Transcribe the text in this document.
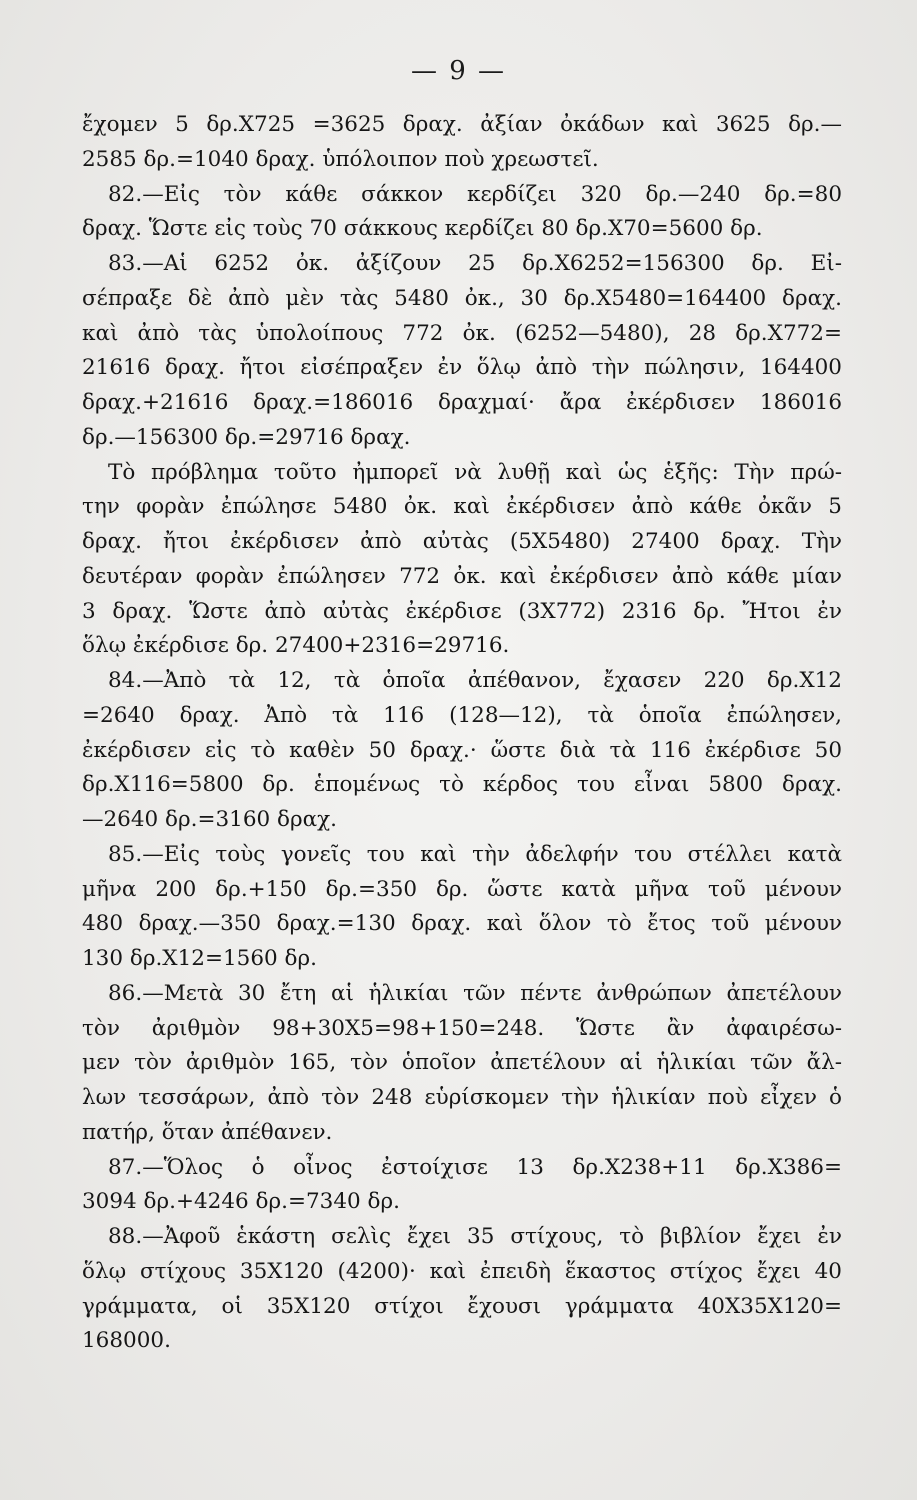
— 9 —
ἔχομεν 5 δρ.Χ725 =3625 δραχ. ἀξίαν ὀκάδων καὶ 3625 δρ.—
2585 δρ.=1040 δραχ. ὑπόλοιπον ποὺ χρεωστεῖ.
82.—Εἰς τὸν κάθε σάκκον κερδίζει 320 δρ.—240 δρ.=80
δραχ. Ὥστε εἰς τοὺς 70 σάκκους κερδίζει 80 δρ.Χ70=5600 δρ.
83.—Αἱ 6252 ὀκ. ἀξίζουν 25 δρ.Χ6252=156300 δρ. Εἰ-
σέπραξε δὲ ἀπὸ μὲν τὰς 5480 ὀκ., 30 δρ.Χ5480=164400 δραχ.
καὶ ἀπὸ τὰς ὑπολοίπους 772 ὀκ. (6252—5480), 28 δρ.Χ772=
21616 δραχ. ἤτοι εἰσέπραξεν ἐν ὅλῳ ἀπὸ τὴν πώλησιν, 164400
δραχ.+21616 δραχ.=186016 δραχμαί· ἄρα ἐκέρδισεν 186016
δρ.—156300 δρ.=29716 δραχ.
Τὸ πρόβλημα τοῦτο ἠμπορεῖ νὰ λυθῇ καὶ ὡς ἑξῆς: Τὴν πρώ-
την φορὰν ἐπώλησε 5480 ὀκ. καὶ ἐκέρδισεν ἀπὸ κάθε ὀκᾶν 5
δραχ. ἤτοι ἐκέρδισεν ἀπὸ αὐτὰς (5Χ5480) 27400 δραχ. Τὴν
δευτέραν φορὰν ἐπώλησεν 772 ὀκ. καὶ ἐκέρδισεν ἀπὸ κάθε μίαν
3 δραχ. Ὥστε ἀπὸ αὐτὰς ἐκέρδισε (3Χ772) 2316 δρ. Ἤτοι ἐν
ὅλῳ ἐκέρδισε δρ. 27400+2316=29716.
84.—Ἀπὸ τὰ 12, τὰ ὁποῖα ἀπέθανον, ἔχασεν 220 δρ.Χ12
=2640 δραχ. Ἀπὸ τὰ 116 (128—12), τὰ ὁποῖα ἐπώλησεν,
ἐκέρδισεν εἰς τὸ καθὲν 50 δραχ.· ὥστε διὰ τὰ 116 ἐκέρδισε 50
δρ.Χ116=5800 δρ. ἑπομένως τὸ κέρδος του εἶναι 5800 δραχ.
—2640 δρ.=3160 δραχ.
85.—Εἰς τοὺς γονεῖς του καὶ τὴν ἀδελφήν του στέλλει κατὰ
μῆνα 200 δρ.+150 δρ.=350 δρ. ὥστε κατὰ μῆνα τοῦ μένουν
480 δραχ.—350 δραχ.=130 δραχ. καὶ ὅλον τὸ ἔτος τοῦ μένουν
130 δρ.Χ12=1560 δρ.
86.—Μετὰ 30 ἔτη αἱ ἡλικίαι τῶν πέντε ἀνθρώπων ἀπετέλουν
τὸν ἀριθμὸν 98+30Χ5=98+150=248. Ὥστε ἂν ἀφαιρέσω-
μεν τὸν ἀριθμὸν 165, τὸν ὁποῖον ἀπετέλουν αἱ ἡλικίαι τῶν ἄλ-
λων τεσσάρων, ἀπὸ τὸν 248 εὑρίσκομεν τὴν ἡλικίαν ποὺ εἶχεν ὁ
πατήρ, ὅταν ἀπέθανεν.
87.—Ὅλος ὁ οἶνος ἐστοίχισε 13 δρ.Χ238+11 δρ.Χ386=
3094 δρ.+4246 δρ.=7340 δρ.
88.—Ἀφοῦ ἑκάστη σελὶς ἔχει 35 στίχους, τὸ βιβλίον ἔχει ἐν
ὅλῳ στίχους 35Χ120 (4200)· καὶ ἐπειδὴ ἕκαστος στίχος ἔχει 40
γράμματα, οἱ 35Χ120 στίχοι ἔχουσι γράμματα 40Χ35Χ120=
168000.
